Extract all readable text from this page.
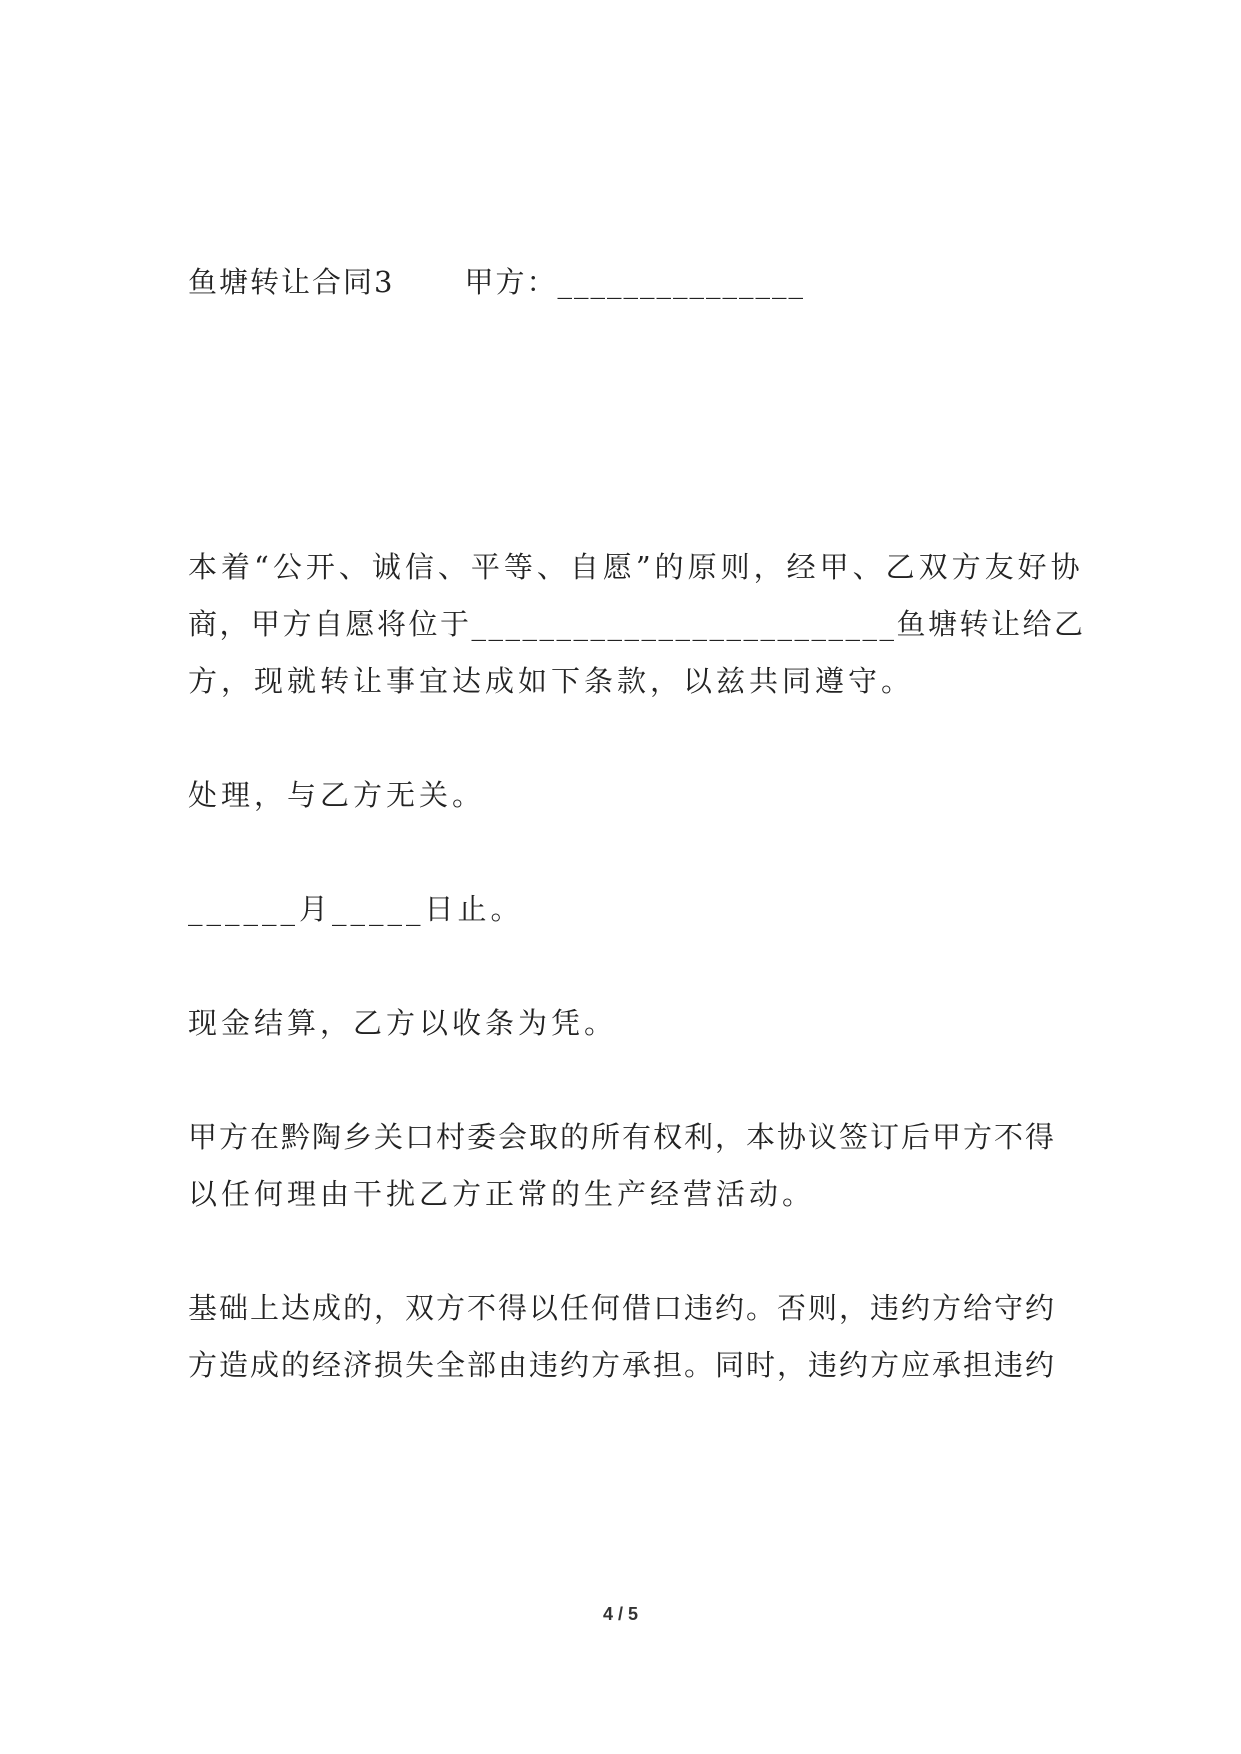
鱼塘转让合同3 甲方：_______________
本着“公开、诚信、平等、自愿”的原则，经甲、乙双方友好协
商，甲方自愿将位于_________________________鱼塘转让给乙
方，现就转让事宜达成如下条款，以兹共同遵守。
处理，与乙方无关。
______月_____日止。
现金结算，乙方以收条为凭。
甲方在黔陶乡关口村委会取的所有权利，本协议签订后甲方不得
以任何理由干扰乙方正常的生产经营活动。
基础上达成的，双方不得以任何借口违约。否则，违约方给守约
方造成的经济损失全部由违约方承担。同时，违约方应承担违约
4 / 5
